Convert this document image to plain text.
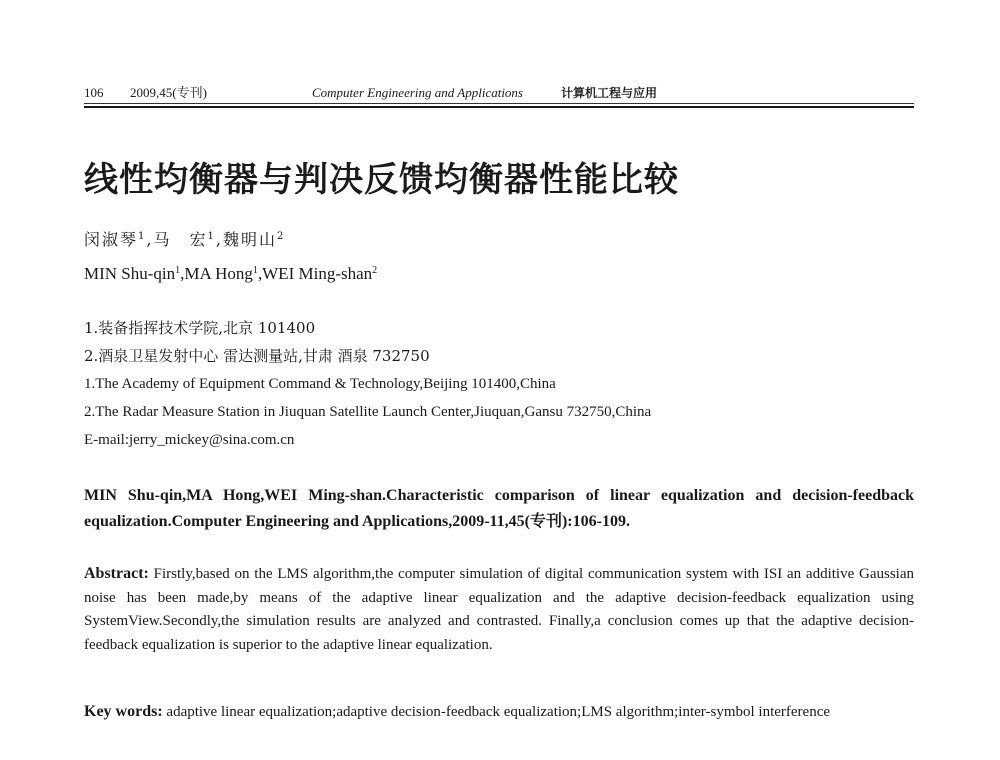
106 2009,45(专刊)	Computer Engineering and Applications	计算机工程与应用
线性均衡器与判决反馈均衡器性能比较
闵淑琴$^1$,马　宏$^1$,魏明山$^2$
MIN Shu-qin$^1$,MA Hong$^1$,WEI Ming-shan$^2$
1.装备指挥技术学院,北京 101400
2.酒泉卫星发射中心 雷达测量站,甘肃 酒泉 732750
1.The Academy of Equipment Command & Technology,Beijing 101400,China
2.The Radar Measure Station in Jiuquan Satellite Launch Center,Jiuquan,Gansu 732750,China
E-mail:jerry_mickey@sina.com.cn
MIN Shu-qin,MA Hong,WEI Ming-shan.Characteristic comparison of linear equalization and decision-feedback equalization.Computer Engineering and Applications,2009-11,45(专刊):106-109.
Abstract: Firstly,based on the LMS algorithm,the computer simulation of digital communication system with ISI an additive Gaussian noise has been made,by means of the adaptive linear equalization and the adaptive decision-feedback equalization using SystemView.Secondly,the simulation results are analyzed and contrasted. Finally,a conclusion comes up that the adaptive decision-feedback equalization is superior to the adaptive linear equalization.
Key words: adaptive linear equalization;adaptive decision-feedback equalization;LMS algorithm;inter-symbol interference
